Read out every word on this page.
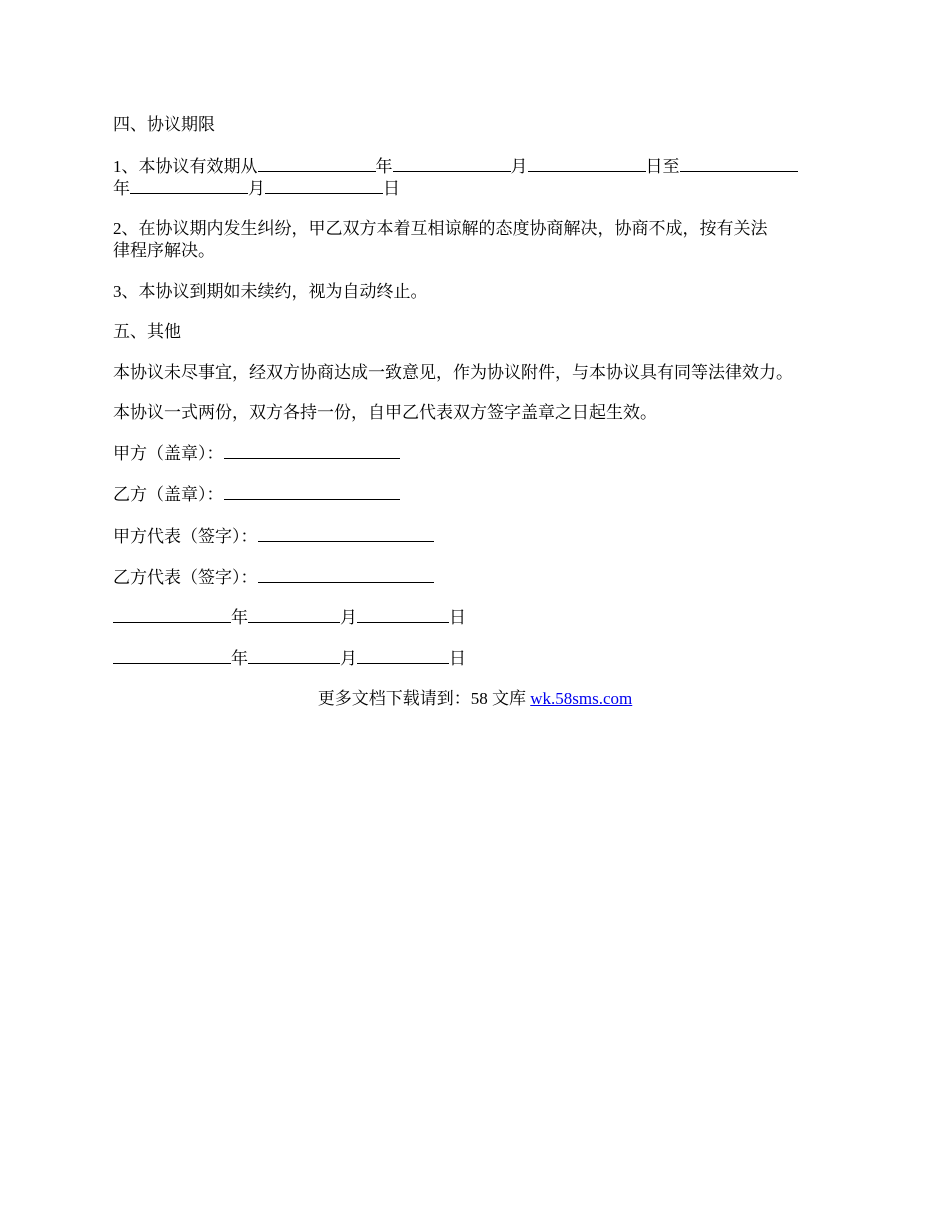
四、协议期限
1、本协议有效期从	年	月	日至
年	月	日
2、在协议期内发生纠纷，甲乙双方本着互相谅解的态度协商解决，协商不成，按有关法
律程序解决。
3、本协议到期如未续约，视为自动终止。
五、其他
本协议未尽事宜，经双方协商达成一致意见，作为协议附件，与本协议具有同等法律效力。
本协议一式两份，双方各持一份，自甲乙代表双方签字盖章之日起生效。
甲方（盖章）：
乙方（盖章）：
甲方代表（签字）：
乙方代表（签字）：
年	月	日
年	月	日
更多文档下载请到：58 文库 wk.58sms.com
